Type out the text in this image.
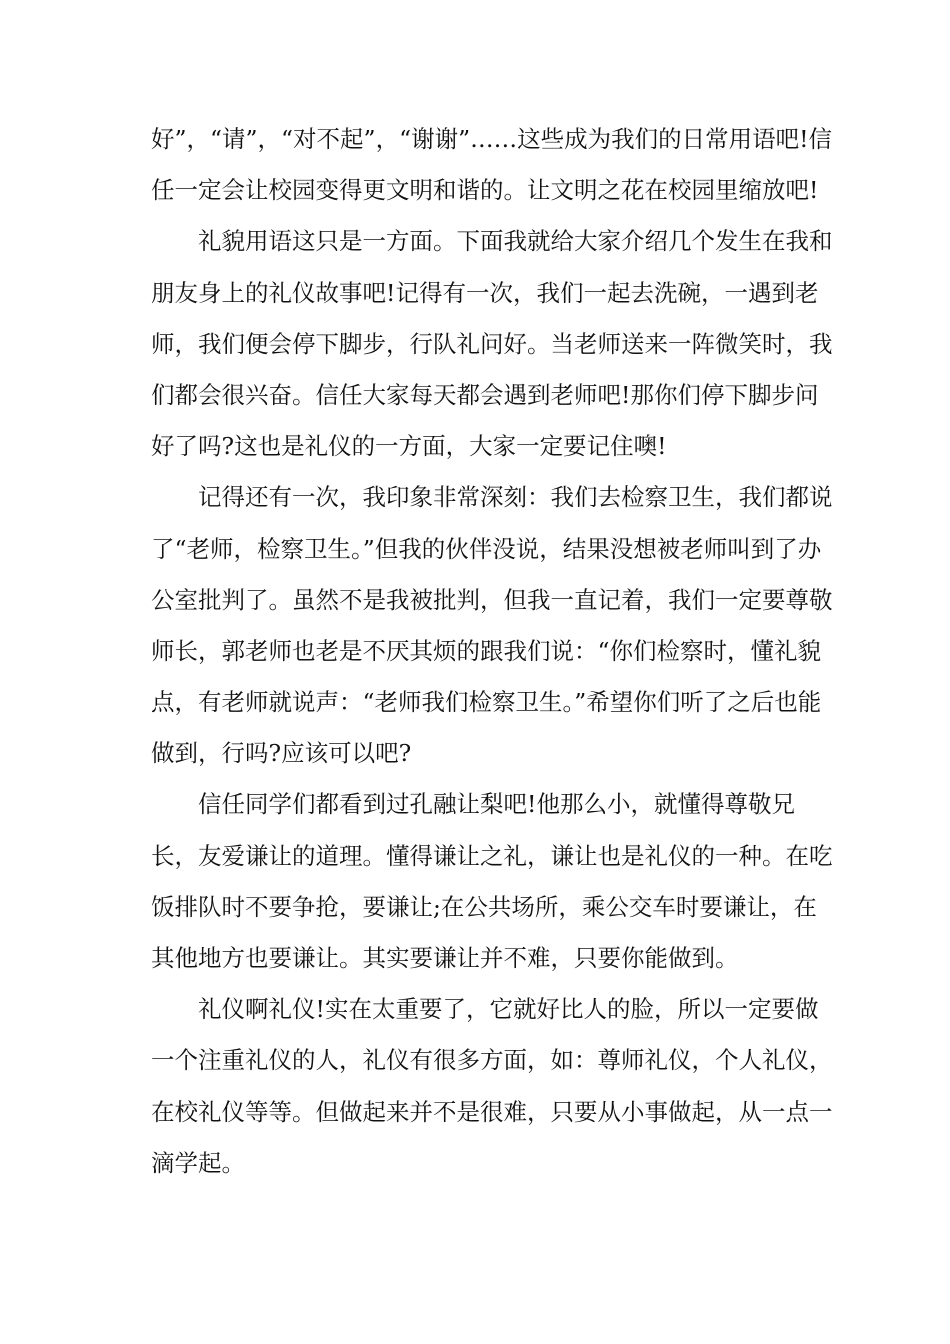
好”，“请”，“对不起”，“谢谢”……这些成为我们的日常用语吧!信
任一定会让校园变得更文明和谐的。让文明之花在校园里缩放吧!
礼貌用语这只是一方面。下面我就给大家介绍几个发生在我和
朋友身上的礼仪故事吧!记得有一次，我们一起去洗碗，一遇到老
师，我们便会停下脚步，行队礼问好。当老师送来一阵微笑时，我
们都会很兴奋。信任大家每天都会遇到老师吧!那你们停下脚步问
好了吗?这也是礼仪的一方面，大家一定要记住噢!
记得还有一次，我印象非常深刻：我们去检察卫生，我们都说
了“老师，检察卫生。”但我的伙伴没说，结果没想被老师叫到了办
公室批判了。虽然不是我被批判，但我一直记着，我们一定要尊敬
师长，郭老师也老是不厌其烦的跟我们说：“你们检察时，懂礼貌
点，有老师就说声：“老师我们检察卫生。”希望你们听了之后也能
做到，行吗?应该可以吧?
信任同学们都看到过孔融让梨吧!他那么小，就懂得尊敬兄
长，友爱谦让的道理。懂得谦让之礼，谦让也是礼仪的一种。在吃
饭排队时不要争抢，要谦让;在公共场所，乘公交车时要谦让，在
其他地方也要谦让。其实要谦让并不难，只要你能做到。
礼仪啊礼仪!实在太重要了，它就好比人的脸，所以一定要做
一个注重礼仪的人，礼仪有很多方面，如：尊师礼仪，个人礼仪，
在校礼仪等等。但做起来并不是很难，只要从小事做起，从一点一
滴学起。
